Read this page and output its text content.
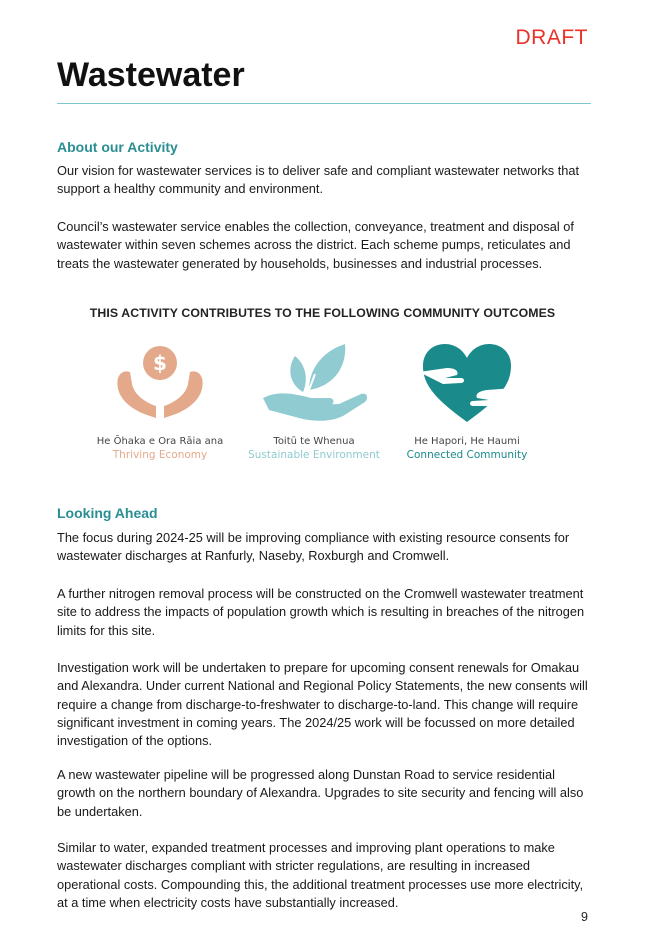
DRAFT
Wastewater
About our Activity

Our vision for wastewater services is to deliver safe and compliant wastewater networks that support a healthy community and environment.

Council’s wastewater service enables the collection, conveyance, treatment and disposal of wastewater within seven schemes across the district. Each scheme pumps, reticulates and treats the wastewater generated by households, businesses and industrial processes.

THIS ACTIVITY CONTRIBUTES TO THE FOLLOWING COMMUNITY OUTCOMES
$
He Ōhaka e Ora Rāia ana
Thriving Economy
Toitū te Whenua
Sustainable Environment
He Hapori, He Haumi
Connected Community
Looking Ahead

The focus during 2024-25 will be improving compliance with existing resource consents for wastewater discharges at Ranfurly, Naseby, Roxburgh and Cromwell.

A further nitrogen removal process will be constructed on the Cromwell wastewater treatment site to address the impacts of population growth which is resulting in breaches of the nitrogen limits for this site.

Investigation work will be undertaken to prepare for upcoming consent renewals for Omakau and Alexandra. Under current National and Regional Policy Statements, the new consents will require a change from discharge-to-freshwater to discharge-to-land. This change will require significant investment in coming years. The 2024/25 work will be focussed on more detailed investigation of the options.

A new wastewater pipeline will be progressed along Dunstan Road to service residential growth on the northern boundary of Alexandra. Upgrades to site security and fencing will also be undertaken.

Similar to water, expanded treatment processes and improving plant operations to make wastewater discharges compliant with stricter regulations, are resulting in increased operational costs. Compounding this, the additional treatment processes use more electricity, at a time when electricity costs have substantially increased.

9
